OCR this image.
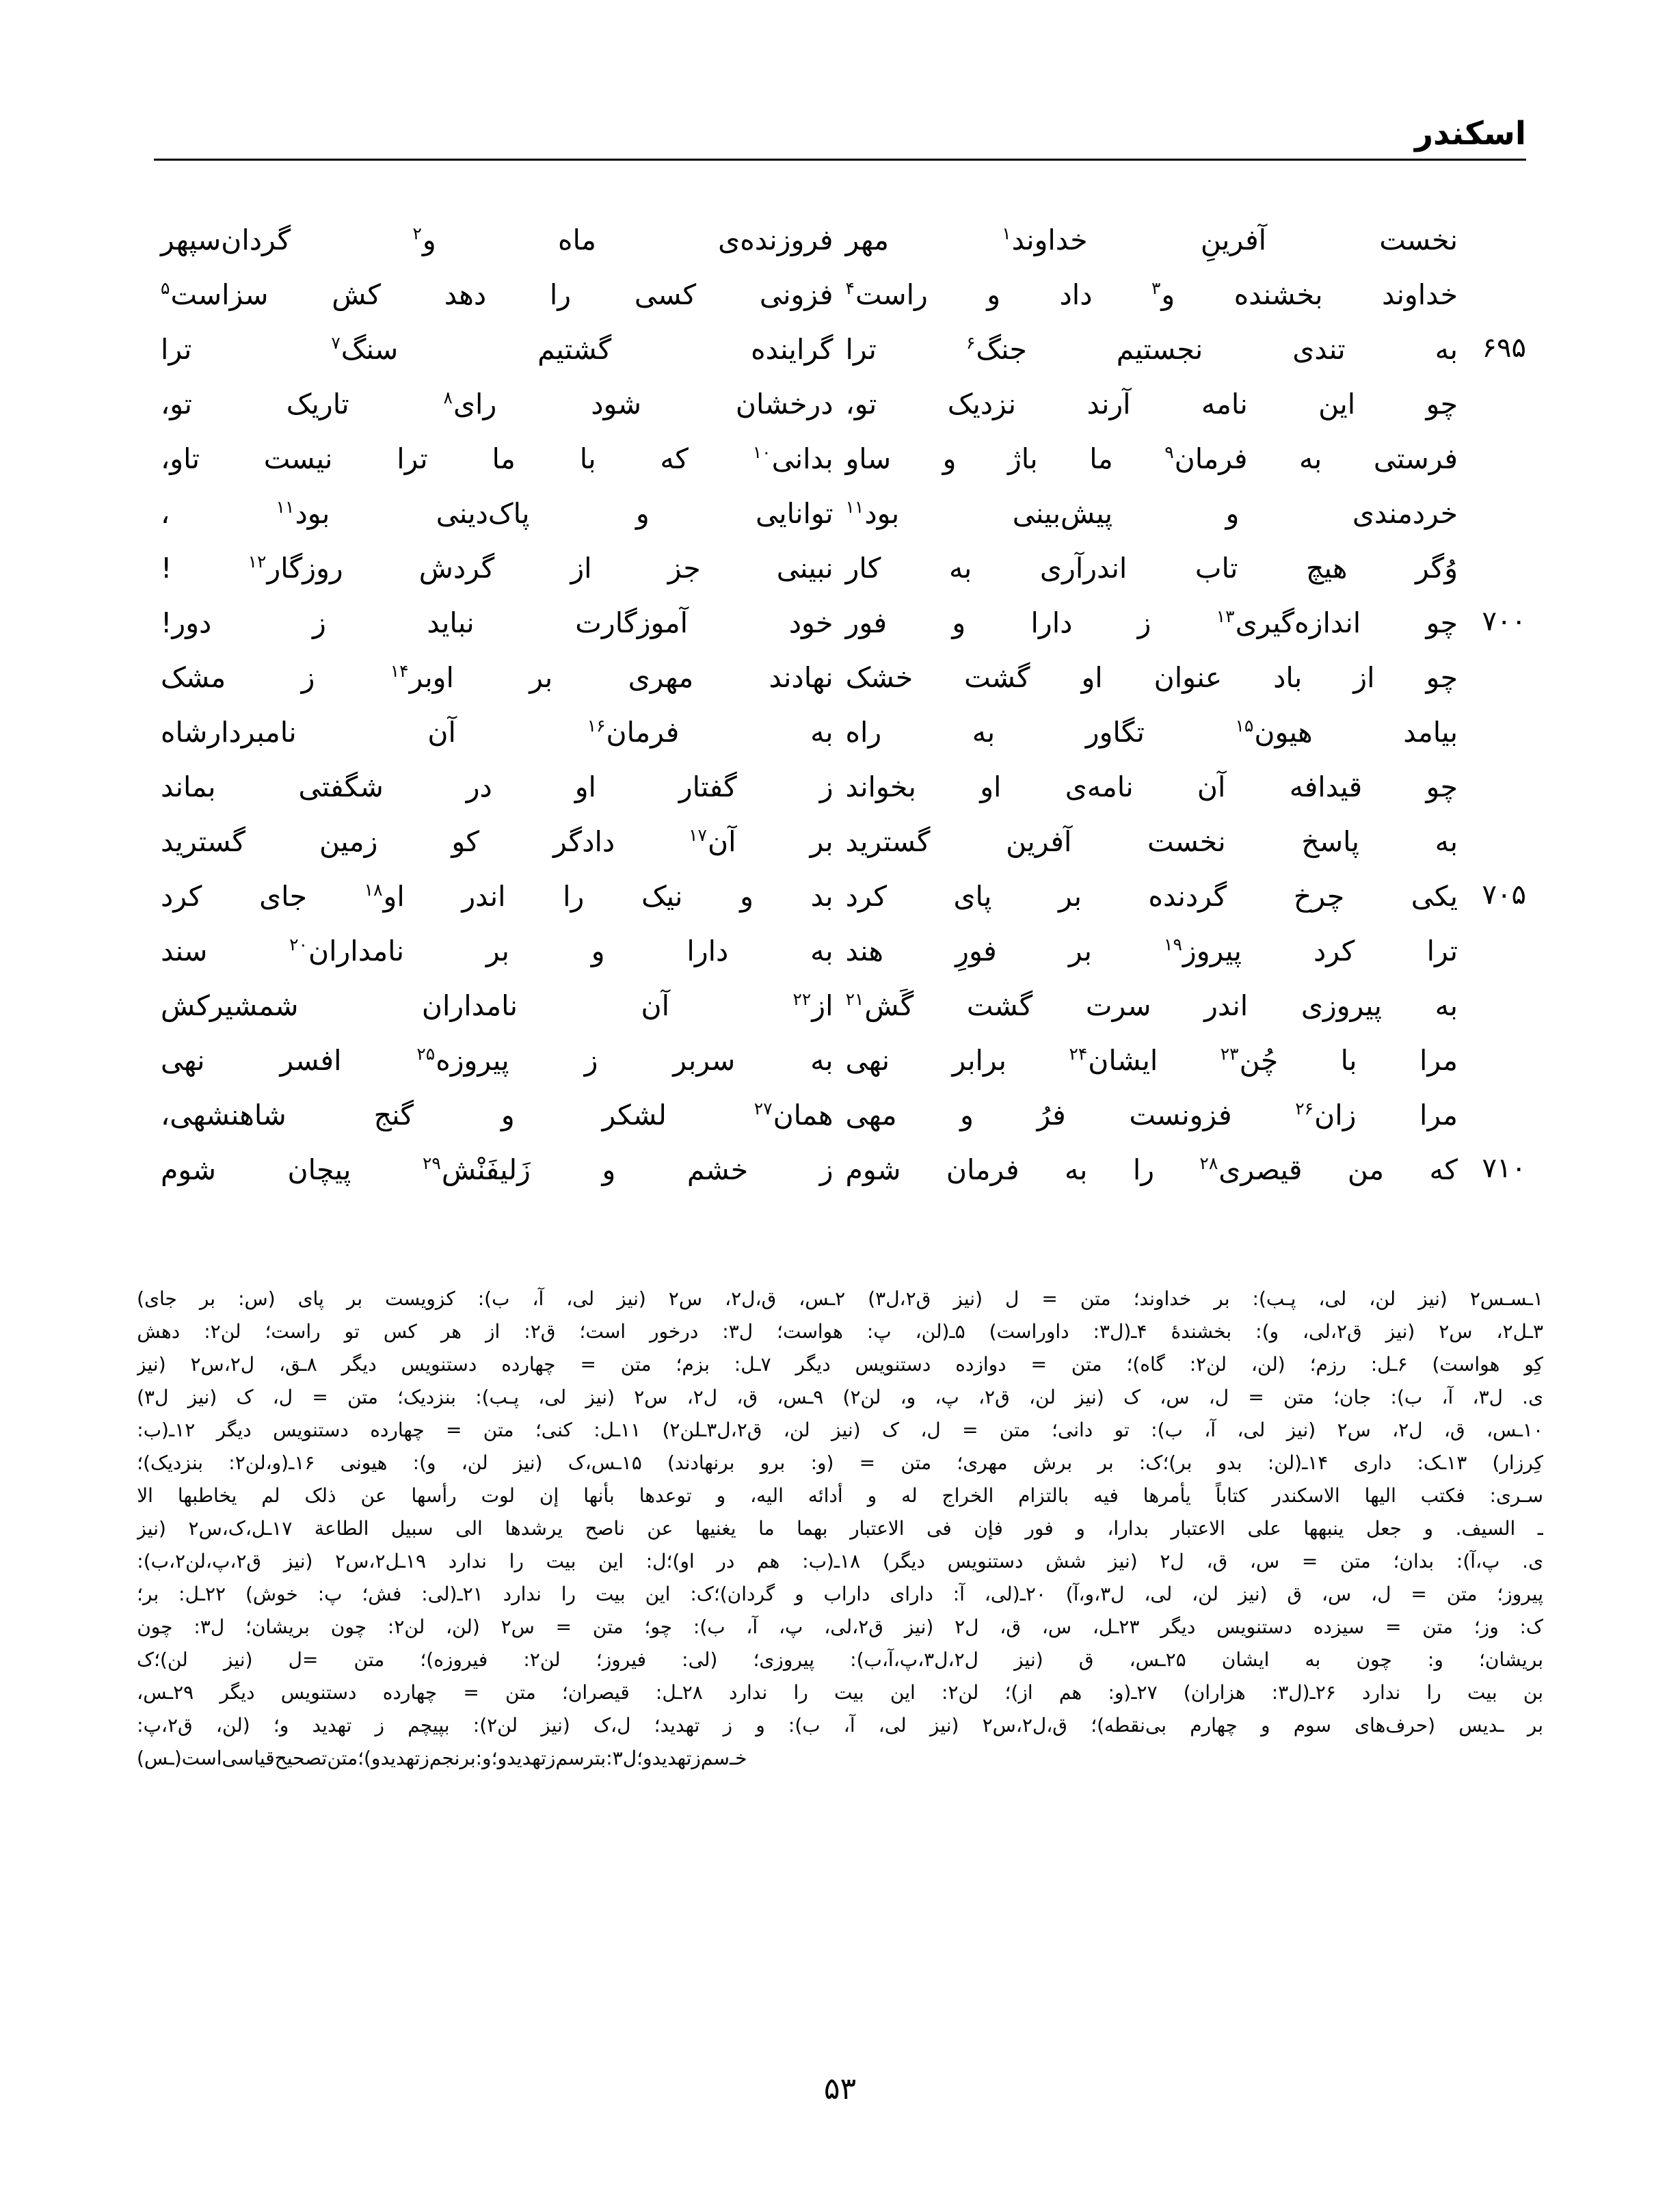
اسکندر
نخست
آفرینِ
خداوند$^۱$
مهر
فروزنده‌ی
ماه
و$^۲$
گردان‌سپهر
خداوند
بخشنده
و$^۳$
داد
و
راست$^۴$
فزونی
کسی
را
دهد
کش
سزاست$^۵$
۶۹۵
به
تندی
نجستیم
جنگ$^۶$
ترا
گراینده
گشتیم
سنگ$^۷$
ترا
چو
این
نامه
آرند
نزدیک
تو،
درخشان
شود
رای$^۸$
تاریک
تو،
فرستی
به
فرمان$^۹$
ما
باژ
و
ساو
بدانی$^{۱۰}$
که
با
ما
ترا
نیست
تاو،
خردمندی
و
پیش‌بینی
بود$^{۱۱}$
توانایی
و
پاک‌دینی
بود$^{۱۱}$
،
وُگر
هیچ
تاب
اندرآری
به
کار
نبینی
جز
از
گردش
روزگار$^{۱۲}$
!
۷۰۰
چو
اندازه‌گیری$^{۱۳}$
ز
دارا
و
فور
خود
آموزگارت
نباید
ز
دور!
چو
از
باد
عنوان
او
گشت
خشک
نهادند
مهری
بر
اوبر$^{۱۴}$
ز
مشک
بیامد
هیون$^{۱۵}$
تگاور
به
راه
به
فرمان$^{۱۶}$
آن
نامبردارشاه
چو
قیدافه
آن
نامه‌ی
او
بخواند
ز
گفتار
او
در
شگفتی
بماند
به
پاسخ
نخست
آفرین
گسترید
بر
آن$^{۱۷}$
دادگر
کو
زمین
گسترید
۷۰۵
یکی
چرخ
گردنده
بر
پای
کرد
بد
و
نیک
را
اندر
او$^{۱۸}$
جای
کرد
ترا
کرد
پیروز$^{۱۹}$
بر
فورِ
هند
به
دارا
و
بر
نامداران$^{۲۰}$
سند
به
پیروزی
اندر
سرت
گشت
گَش$^{۲۱}$
از$^{۲۲}$
آن
نامداران
شمشیرکش
مرا
با
چُن$^{۲۳}$
ایشان$^{۲۴}$
برابر
نهی
به
سربر
ز
پیروزه$^{۲۵}$
افسر
نهی
مرا
زان$^{۲۶}$
فزونست
فرُ
و
مهی
همان$^{۲۷}$
لشکر
و
گنج
شاهنشهی،
۷۱۰
که
من
قیصری$^{۲۸}$
را
به
فرمان
شوم
ز
خشم
و
زَلیفَنْش$^{۲۹}$
پیچان
شوم
۱ـس‍ـس۲
(نیز
لن،
لی،
پ‍ـب):
بر
خداوند؛
متن
=
ل
(نیز
ق۲،ل۳)
۲ـس،
ق،ل۲،
س۲
(نیز
لی،
آ،
ب):
کزویست
بر
پای
(س:
بر
جای)
۳ـل۲،
س۲
(نیز
ق۲،لی،
و):
بخشندهٔ
۴ـ(ل۳:
داوراست)
۵ـ(لن،
پ:
هواست؛
ل۳:
درخور
است؛
ق۲:
از
هر
کس
تو
راست؛
لن۲:
دهش
کِو
هواست)
۶ـل:
رزم؛
(لن،
لن۲:
گاه)؛
متن
=
دوازده
دستنویس
دیگر
۷ـل:
بزم؛
متن
=
چهارده
دستنویس
دیگر
۸ـق،
ل۲،س۲
(نیز
ی.
ل۳،
آ،
ب):
جان؛
متن
=
ل،
س،
ک
(نیز
لن،
ق۲،
پ،
و،
لن۲)
۹ـس،
ق،
ل۲،
س۲
(نیز
لی،
پ‍ـب):
بنزدیک؛
متن
=
ل،
ک
(نیز
ل۳)
۱۰ـس،
ق،
ل۲،
س۲
(نیز
لی،
آ،
ب):
تو
دانی؛
متن
=
ل،
ک
(نیز
لن،
ق۲،ل۳ـلن۲)
۱۱ـل:
کنی؛
متن
=
چهارده
دستنویس
دیگر
۱۲ـ(ب:
کِرزار)
۱۳ـک:
داری
۱۴ـ(لن:
بدو
بر)؛ک:
بر
برش
مهری؛
متن
=
(و:
برو
برنهادند)
۱۵ـس،ک
(نیز
لن،
و):
هیونی
۱۶ـ(و،لن۲:
بنزدیک)؛
س‍ـری:
فکتب
الیها
الاسکندر
کتاباً
یأمرها
فیه
بالتزام
الخراج
له
و
أدائه
الیه،
و
توعدها
بأنها
إن
لوت
رأسها
عن
ذلک
لم
یخاطبها
الا
ـ
السیف.
و
جعل
ینبهها
علی
الاعتبار
بدارا،
و
فور
فإن
فی
الاعتبار
بهما
ما
یغنیها
عن
ناصح
یرشدها
الی
سبیل
الطاعة
۱۷ـل،ک،س۲
(نیز
ی.
پ،آ):
بدان؛
متن
=
س،
ق،
ل۲
(نیز
شش
دستنویس
دیگر)
۱۸ـ(ب:
هم
در
او)؛ل:
این
بیت
را
ندارد
۱۹ـل۲،س۲
(نیز
ق۲،پ،لن۲،ب):
پیروز؛
متن
=
ل،
س،
ق
(نیز
لن،
لی،
ل۳،و،آ)
۲۰ـ(لی،
آ:
دارای
داراب
و
گردان)؛ک:
این
بیت
را
ندارد
۲۱ـ(لی:
فش؛
پ:
خوش)
۲۲ـل:
بر؛
ک:
وز؛
متن
=
سیزده
دستنویس
دیگر
۲۳ـل،
س،
ق،
ل۲
(نیز
ق۲،لی،
پ،
آ،
ب):
چو؛
متن
=
س۲
(لن،
لن۲:
چون
بریشان؛
ل۳:
چون
بریشان؛
و:
چون
به
ایشان
۲۵ـس،
ق
(نیز
ل۲،ل۳،پ،آ،ب):
پیروزی؛
(لی:
فیروز؛
لن۲:
فیروزه)؛
متن
=ل
(نیز
لن)؛ک
بن
بیت
را
ندارد
۲۶ـ(ل۳:
هزاران)
۲۷ـ(و:
هم
از)؛
لن۲:
این
بیت
را
ندارد
۲۸ـل:
قیصران؛
متن
=
چهارده
دستنویس
دیگر
۲۹ـس،
بر‍
ـ‍دیس
(حرف‌های
سوم
و
چهارم
بی‌نقطه)؛
ق،ل۲،س۲
(نیز
لی،
آ،
ب):
و
ز
تهدید؛
ل،ک
(نیز
لن۲):
بپیچم
ز
تهدید
و؛
(لن،
ق۲،پ:
خ‍
ـ‍
سم
ز
تهدید
و؛
ل۳:
بترسم
ز
تهدید
و؛
و:
برنجم
ز
تهدید
و)؛
متن
تصحیح
قیاسی
است
(ـ‍س)
۵۳
